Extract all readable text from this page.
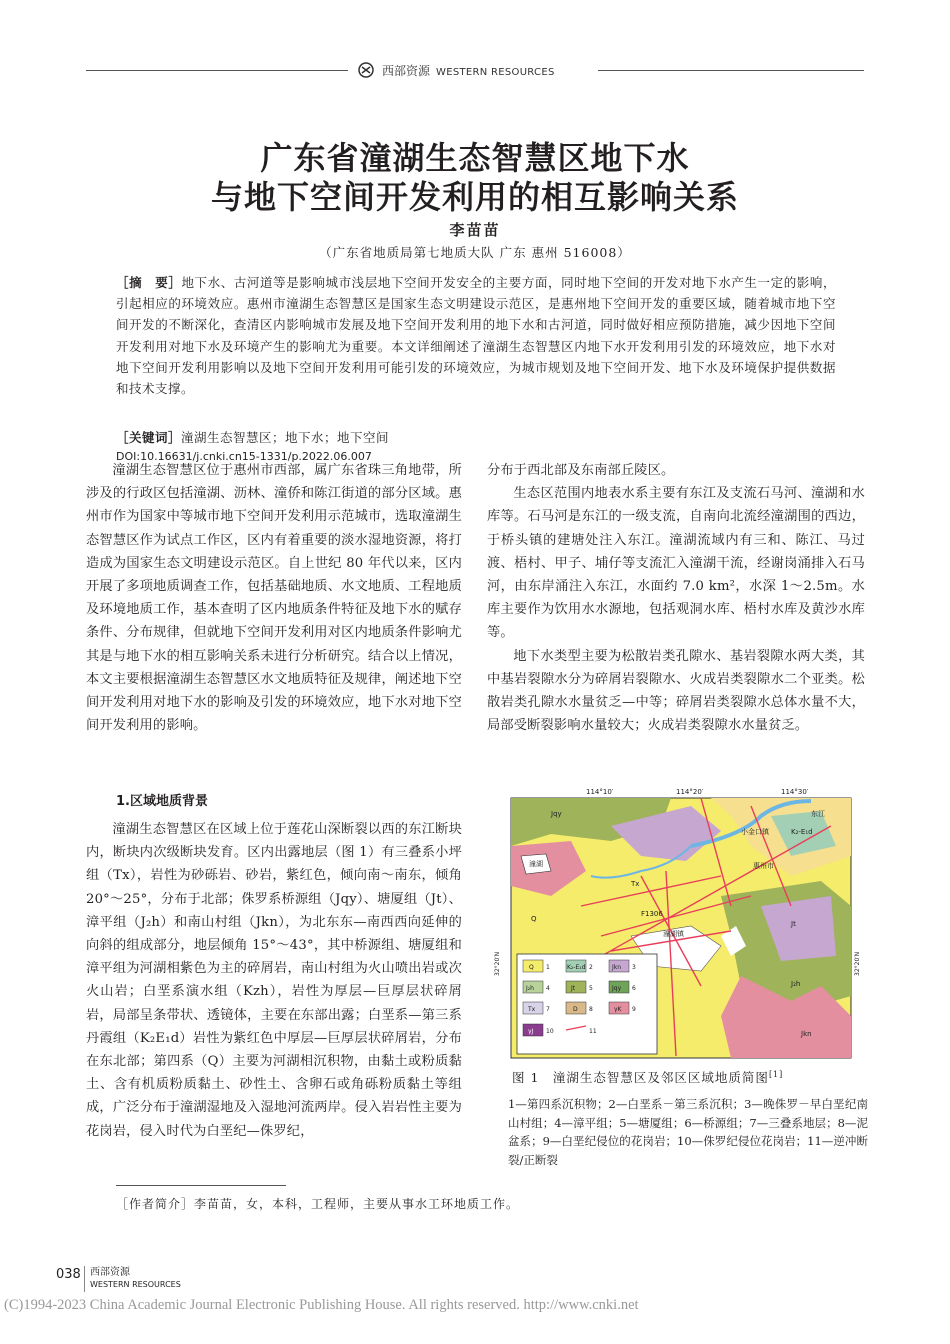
西部资源 WESTERN RESOURCES
广东省潼湖生态智慧区地下水
与地下空间开发利用的相互影响关系
李苗苗
（广东省地质局第七地质大队 广东 惠州 516008）
［摘　要］地下水、古河道等是影响城市浅层地下空间开发安全的主要方面，同时地下空间的开发对地下水产生一定的影响，引起相应的环境效应。惠州市潼湖生态智慧区是国家生态文明建设示范区，是惠州地下空间开发的重要区域，随着城市地下空间开发的不断深化，查清区内影响城市发展及地下空间开发利用的地下水和古河道，同时做好相应预防措施，减少因地下空间开发利用对地下水及环境产生的影响尤为重要。本文详细阐述了潼湖生态智慧区内地下水开发利用引发的环境效应，地下水对地下空间开发利用影响以及地下空间开发利用可能引发的环境效应，为城市规划及地下空间开发、地下水及环境保护提供数据和技术支撑。
［关键词］潼湖生态智慧区；地下水；地下空间
DOI:10.16631/j.cnki.cn15-1331/p.2022.06.007

潼湖生态智慧区位于惠州市西部，属广东省珠三角地带，所涉及的行政区包括潼湖、沥林、潼侨和陈江街道的部分区域。惠州市作为国家中等城市地下空间开发利用示范城市，选取潼湖生态智慧区作为试点工作区，区内有着重要的淡水湿地资源，将打造成为国家生态文明建设示范区。自上世纪 80 年代以来，区内开展了多项地质调查工作，包括基础地质、水文地质、工程地质及环境地质工作，基本查明了区内地质条件特征及地下水的赋存条件、分布规律，但就地下空间开发利用对区内地质条件影响尤其是与地下水的相互影响关系未进行分析研究。结合以上情况，本文主要根据潼湖生态智慧区水文地质特征及规律，阐述地下空间开发利用对地下水的影响及引发的环境效应，地下水对地下空间开发利用的影响。

1.区域地质背景

潼湖生态智慧区在区域上位于莲花山深断裂以西的东江断块内，断块内次级断块发育。区内出露地层（图 1）有三叠系小坪组（Tx），岩性为砂砾岩、砂岩，紫红色，倾向南～南东，倾角 20°～25°，分布于北部；侏罗系桥源组（Jqy）、塘厦组（Jt）、漳平组（J₂h）和南山村组（Jkn），为北东东—南西西向延伸的向斜的组成部分，地层倾角 15°～43°，其中桥源组、塘厦组和漳平组为河湖相紫色为主的碎屑岩，南山村组为火山喷出岩或次火山岩；白垩系演水组（Kzh），岩性为厚层—巨厚层状碎屑岩，局部呈条带状、透镜体，主要在东部出露；白垩系—第三系丹霞组（K₂E₁d）岩性为紫红色中厚层—巨厚层状碎屑岩，分布在东北部；第四系（Q）主要为河湖相沉积物，由黏土或粉质黏土、含有机质粉质黏土、砂性土、含卵石或角砾粉质黏土等组成，广泛分布于潼湖湿地及入湿地河流两岸。侵入岩岩性主要为花岗岩，侵入时代为白垩纪—侏罗纪，

分布于西北部及东南部丘陵区。

生态区范围内地表水系主要有东江及支流石马河、潼湖和水库等。石马河是东江的一级支流，自南向北流经潼湖围的西边，于桥头镇的建塘处注入东江。潼湖流域内有三和、陈江、马过渡、梧村、甲子、埔仔等支流汇入潼湖干流，经谢岗涌排入石马河，由东岸涌注入东江，水面约 7.0 km²，水深 1～2.5m。水库主要作为饮用水水源地，包括观洞水库、梧村水库及黄沙水库等。

地下水类型主要为松散岩类孔隙水、基岩裂隙水两大类，其中基岩裂隙水分为碎屑岩裂隙水、火成岩类裂隙水二个亚类。松散岩类孔隙水水量贫乏—中等；碎屑岩类裂隙水总体水量不大，局部受断裂影响水量较大；火成岩类裂隙水水量贫乏。

114°10′	114°20′	114°30′
小金口镇
惠州市
潼湖
潼湖镇
东江
K₂-E₁d
Jqy
Jt
J₂h
Jkn
Q
Tx
F1306
32°20′N	32°20′N
Q 1	K₂-E₁d 2	Jkn 3
J₂h 4	Jt 5	Jqy 6
Tx 7	D 8	γK 9
γJ 10	11
图 1　潼湖生态智慧区及邻区区域地质简图[1]
1—第四系沉积物；2—白垩系－第三系沉积；3—晚侏罗－早白垩纪南山村组；4—漳平组；5—塘厦组；6—桥源组；7—三叠系地层；8—泥盆系；9—白垩纪侵位的花岗岩；10—侏罗纪侵位花岗岩；11—逆冲断裂/正断裂
［作者简介］李苗苗，女，本科，工程师，主要从事水工环地质工作。
038 西部资源
WESTERN RESOURCES
(C)1994-2023 China Academic Journal Electronic Publishing House. All rights reserved. http://www.cnki.net
